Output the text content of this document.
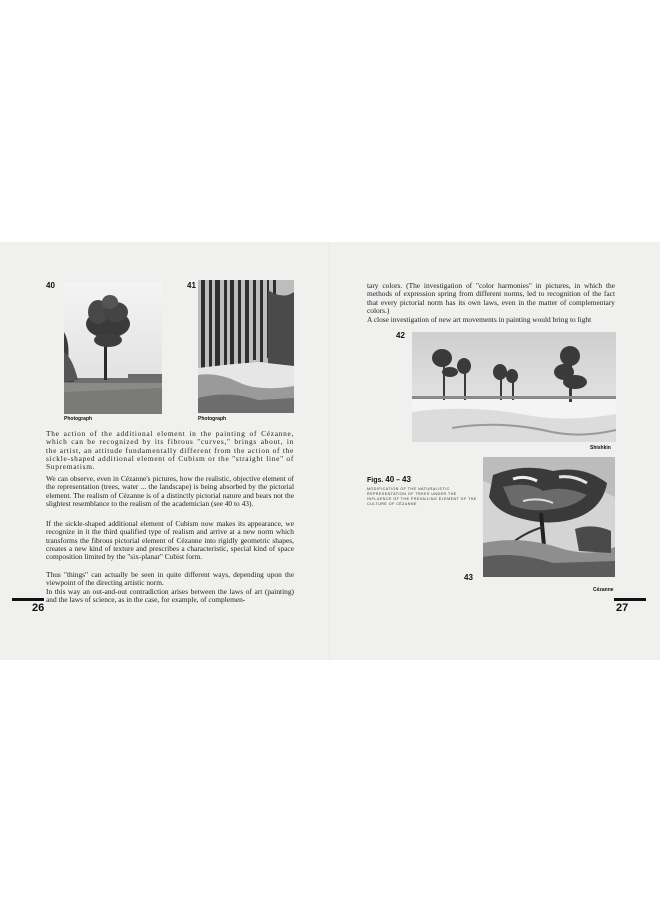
40
Photograph
41
Photograph

The action of the additional element in the painting of Cézanne, which can be recognized by its fibrous "curves," brings about, in the artist, an attitude fundamentally different from the action of the sickle-shaped additional element of Cubism or the "straight line" of Suprematism.

We can observe, even in Cézanne's pictures, how the realistic, objective element of the representation (trees, water ... the landscape) is being absorbed by the pictorial element. The realism of Cézanne is of a distinctly pictorial nature and bears not the slightest resemblance to the realism of the academician (see 40 to 43).

If the sickle-shaped additional element of Cubism now makes its appearance, we recognize in it the third qualified type of realism and arrive at a new norm which transforms the fibrous pictorial element of Cézanne into rigidly geometric shapes, creates a new kind of texture and prescribes a characteristic, special kind of space composition limited by the "six-planar" Cubist form.

Thus "things" can actually be seen in quite different ways, depending upon the viewpoint of the directing artistic norm.

In this way an out-and-out contradiction arises between the laws of art (painting) and the laws of science, as in the case, for example, of complemen-

26

tary colors. (The investigation of "color harmonies" in pictures, in which the methods of expression spring from different norms, led to recognition of the fact that every pictorial norm has its own laws, even in the matter of complementary colors.)

A close investigation of new art movements in painting would bring to light

42
Shishkin
Figs. 40 – 43

MODIFICATION OF THE NATURALISTIC REPRESENTATION OF TREES UNDER THE INFLUENCE OF THE PREVAILING ELEMENT OF THE CULTURE OF CÉZANNE

43
Cézanne
27
